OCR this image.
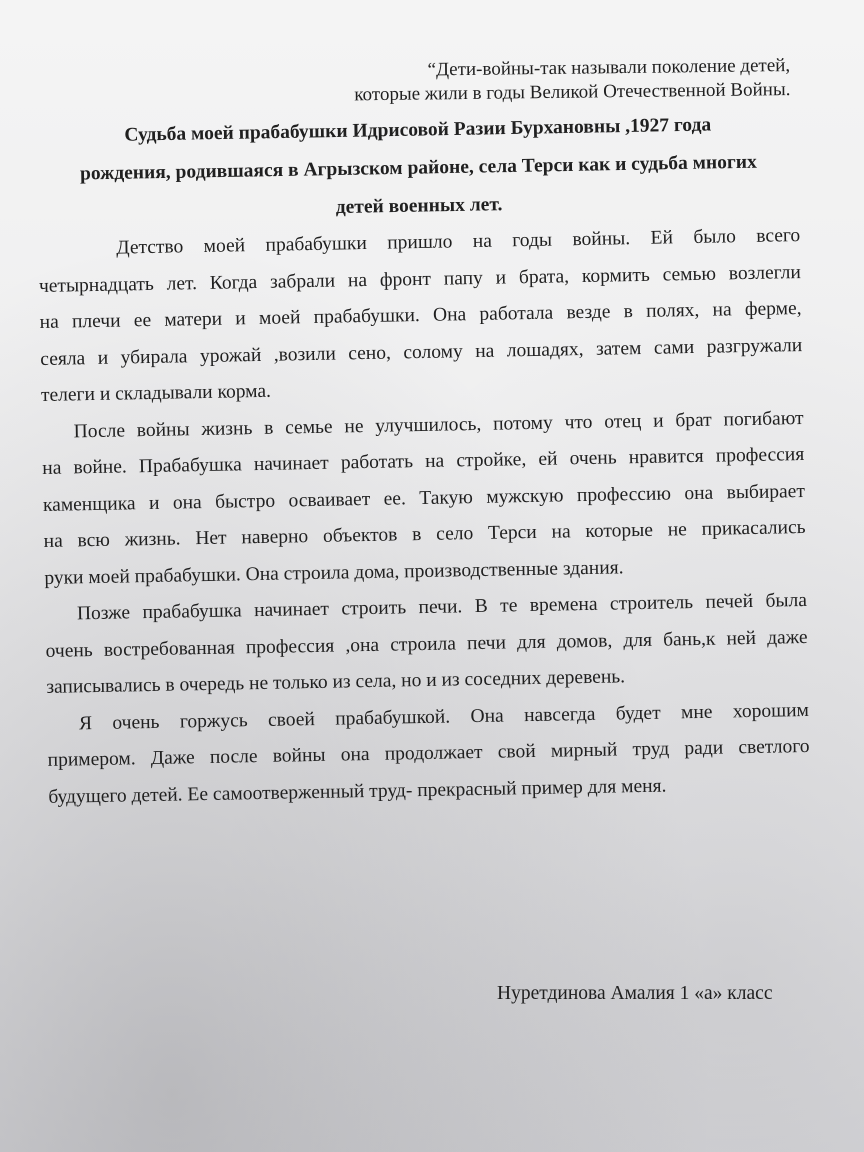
“Дети-войны-так называли поколение детей,
которые жили в годы Великой Отечественной Войны.
Судьба моей прабабушки Идрисовой Разии Бурхановны ,1927 года
рождения, родившаяся в Агрызском районе, села Терси как и судьба многих
детей военных лет.
Детство моей прабабушки пришло на годы войны. Ей было всего
четырнадцать лет. Когда забрали на фронт папу и брата, кормить семью возлегли
на плечи ее матери и моей прабабушки. Она работала везде в полях, на ферме,
сеяла и убирала урожай ,возили сено, солому на лошадях, затем сами разгружали
телеги и складывали корма.
После войны жизнь в семье не улучшилось, потому что отец и брат погибают
на войне. Прабабушка начинает работать на стройке, ей очень нравится профессия
каменщика и она быстро осваивает ее. Такую мужскую профессию она выбирает
на всю жизнь. Нет наверно объектов в село Терси на которые не прикасались
руки моей прабабушки. Она строила дома, производственные здания.
Позже прабабушка начинает строить печи. В те времена строитель печей была
очень востребованная профессия ,она строила печи для домов, для бань,к ней даже
записывались в очередь не только из села, но и из соседних деревень.
Я очень горжусь своей прабабушкой. Она навсегда будет мне хорошим
примером. Даже после войны она продолжает свой мирный труд ради светлого
будущего детей. Ее самоотверженный труд- прекрасный пример для меня.
Нуретдинова Амалия 1 «а» класс
